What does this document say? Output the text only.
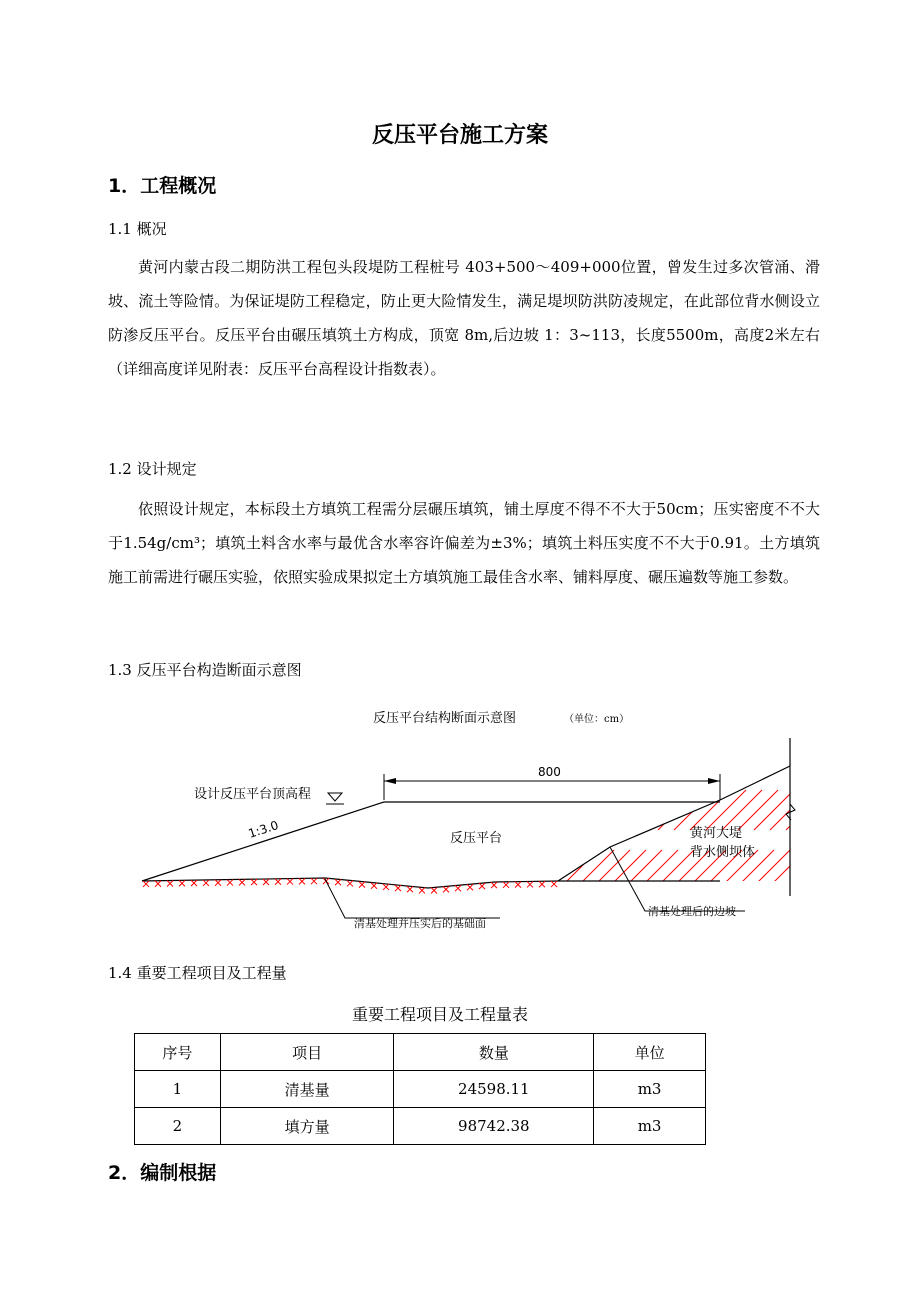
反压平台施工方案
1．工程概况
1.1 概况

黄河内蒙古段二期防洪工程包头段堤防工程桩号 403+500～409+000位置，曾发生过多次管涌、滑坡、流土等险情。为保证堤防工程稳定，防止更大险情发生，满足堤坝防洪防凌规定，在此部位背水侧设立防渗反压平台。反压平台由碾压填筑土方构成，顶宽 8m,后边坡 1：3~113，长度5500m，高度2米左右（详细高度详见附表：反压平台高程设计指数表）。

1.2 设计规定

依照设计规定，本标段土方填筑工程需分层碾压填筑，铺土厚度不得不不大于50cm；压实密度不不大于1.54g/cm³；填筑土料含水率与最优含水率容许偏差为±3%；填筑土料压实度不不大于0.91。土方填筑施工前需进行碾压实验，依照实验成果拟定土方填筑施工最佳含水率、铺料厚度、碾压遍数等施工参数。

1.3 反压平台构造断面示意图
反压平台结构断面示意图	（单位：cm）
800
设计反压平台顶高程
1:3.0	反压平台	黄河大堤
背水侧坝体
清基处理并压实后的基础面
清基处理后的边坡
1.4 重要工程项目及工程量
重要工程项目及工程量表
序号	项目	数量	单位
1	清基量	24598.11	m3
2	填方量	98742.38	m3
2．编制根据
